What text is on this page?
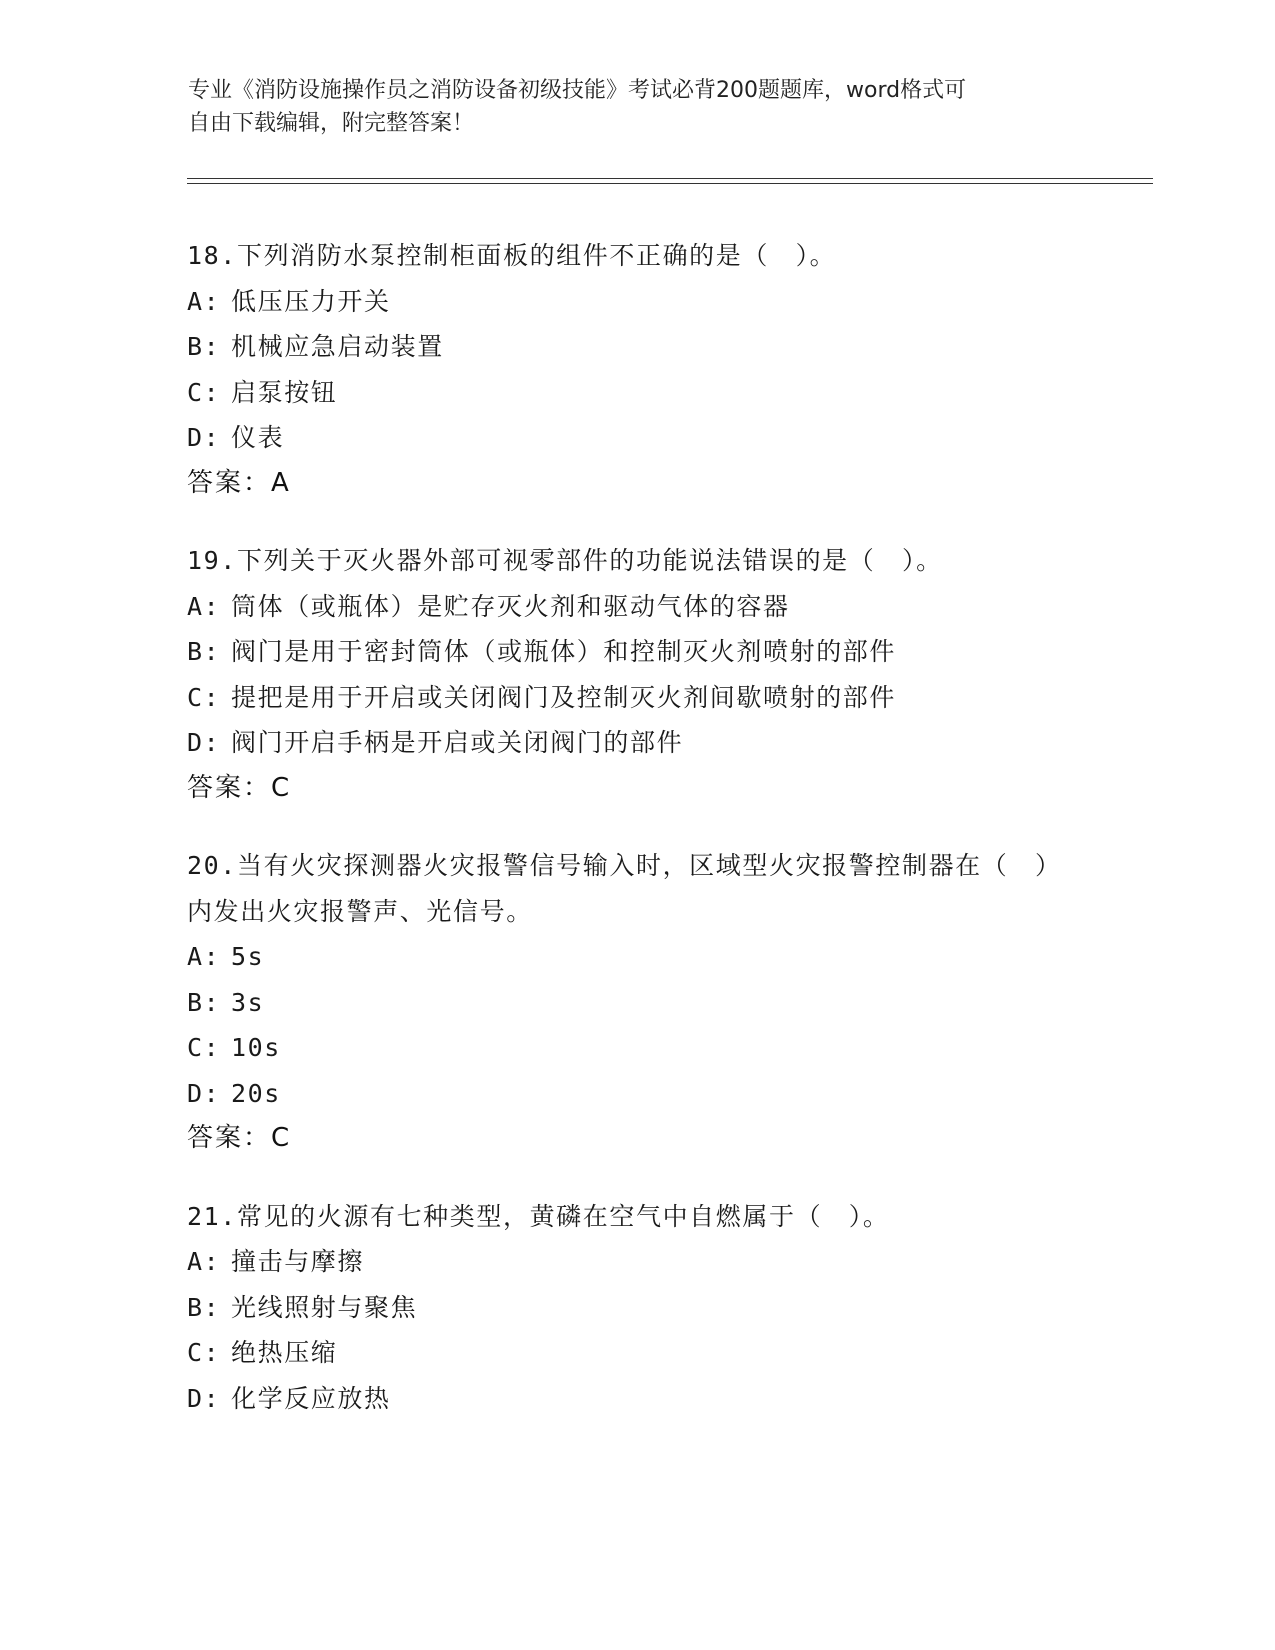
专业《消防设施操作员之消防设备初级技能》考试必背200题题库，word格式可
自由下载编辑，附完整答案！
18.下列消防水泵控制柜面板的组件不正确的是（　）。
A: 低压压力开关
B: 机械应急启动装置
C: 启泵按钮
D: 仪表
答案：A
19.下列关于灭火器外部可视零部件的功能说法错误的是（　）。
A: 筒体（或瓶体）是贮存灭火剂和驱动气体的容器
B: 阀门是用于密封筒体（或瓶体）和控制灭火剂喷射的部件
C: 提把是用于开启或关闭阀门及控制灭火剂间歇喷射的部件
D: 阀门开启手柄是开启或关闭阀门的部件
答案：C
20.当有火灾探测器火灾报警信号输入时，区域型火灾报警控制器在（　）内发出火灾报警声、光信号。
A: 5s
B: 3s
C: 10s
D: 20s
答案：C
21.常见的火源有七种类型，黄磷在空气中自燃属于（　）。
A: 撞击与摩擦
B: 光线照射与聚焦
C: 绝热压缩
D: 化学反应放热
